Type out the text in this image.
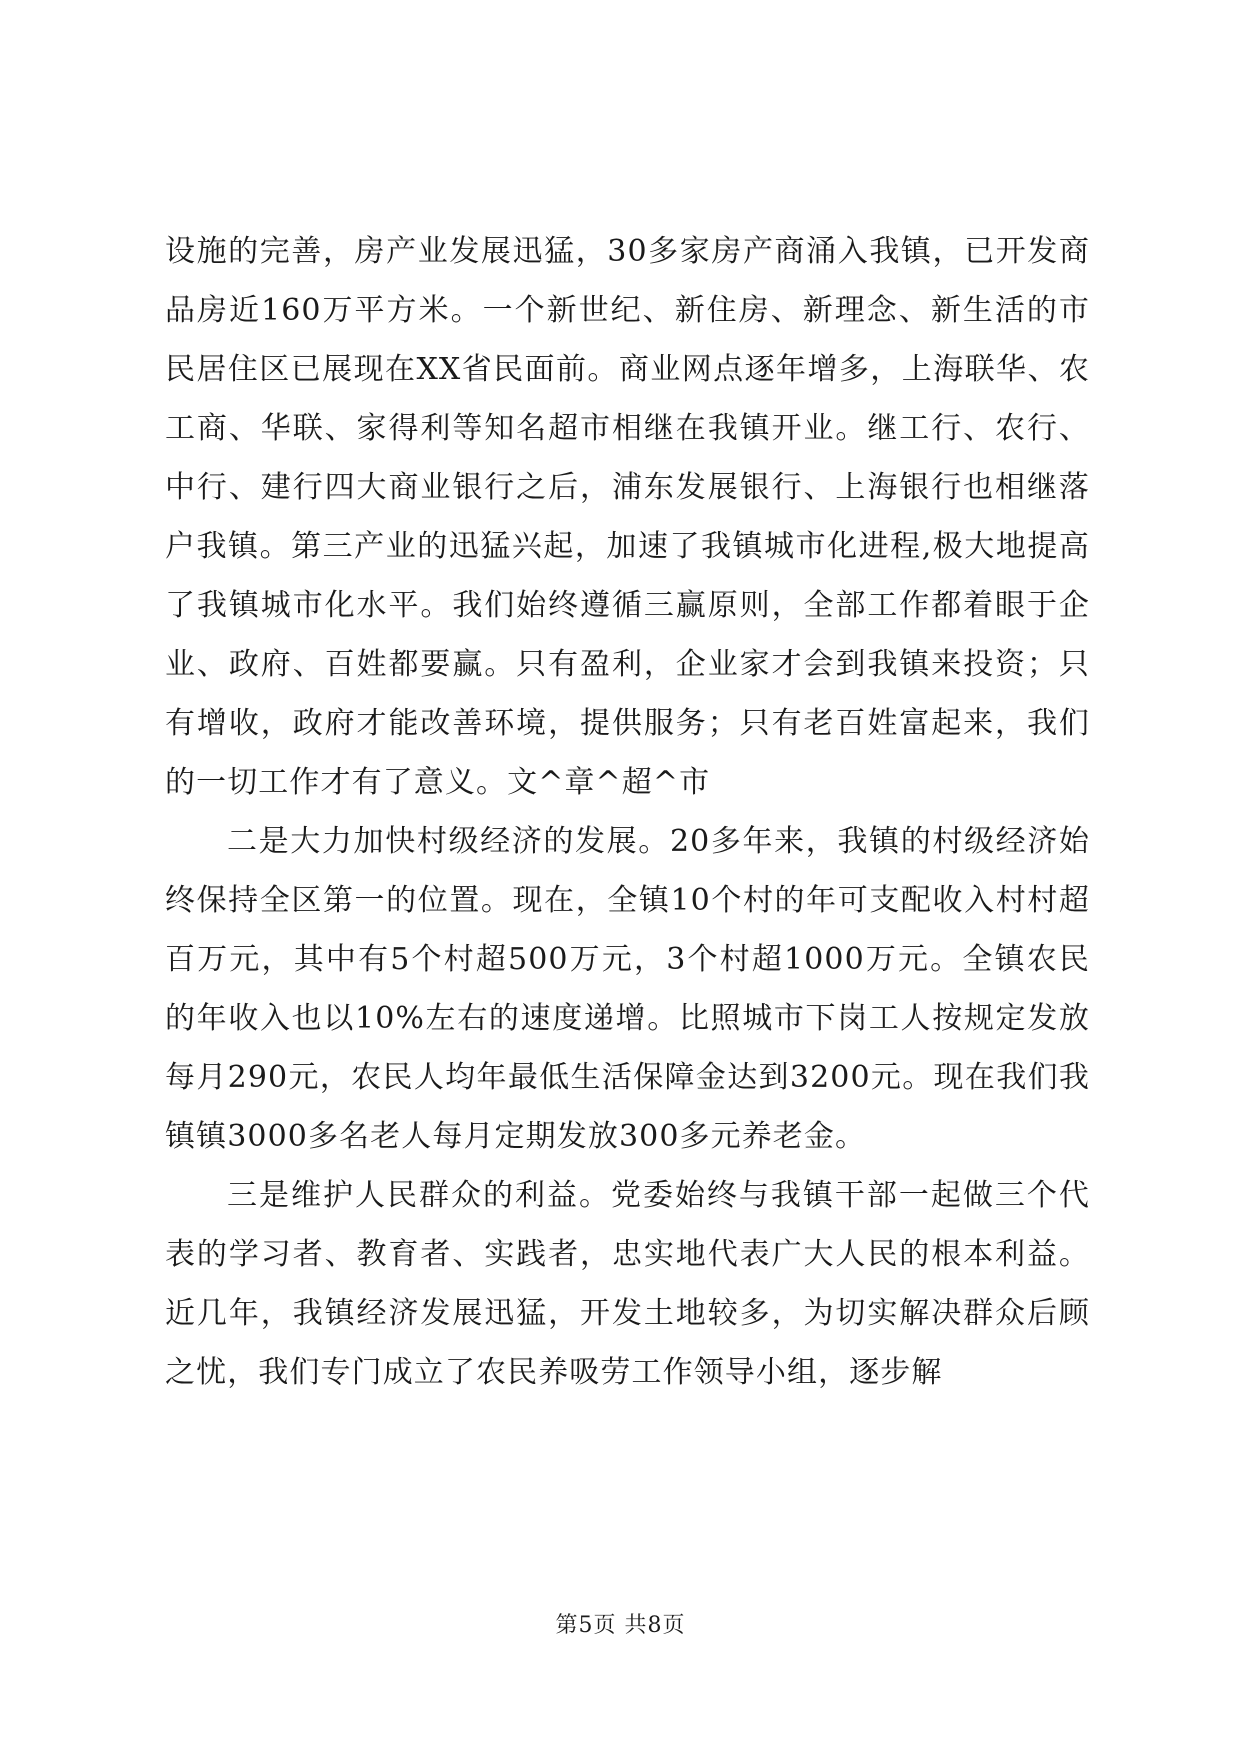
设施的完善，房产业发展迅猛，30多家房产商涌入我镇，已开发商品房近160万平方米。一个新世纪、新住房、新理念、新生活的市民居住区已展现在XX省民面前。商业网点逐年增多，上海联华、农工商、华联、家得利等知名超市相继在我镇开业。继工行、农行、中行、建行四大商业银行之后，浦东发展银行、上海银行也相继落户我镇。第三产业的迅猛兴起，加速了我镇城市化进程,极大地提高了我镇城市化水平。我们始终遵循三赢原则，全部工作都着眼于企业、政府、百姓都要赢。只有盈利，企业家才会到我镇来投资；只有增收，政府才能改善环境，提供服务；只有老百姓富起来，我们的一切工作才有了意义。文^章^超^市

二是大力加快村级经济的发展。20多年来，我镇的村级经济始终保持全区第一的位置。现在，全镇10个村的年可支配收入村村超百万元，其中有5个村超500万元，3个村超1000万元。全镇农民的年收入也以10%左右的速度递增。比照城市下岗工人按规定发放每月290元，农民人均年最低生活保障金达到3200元。现在我们我镇镇3000多名老人每月定期发放300多元养老金。

三是维护人民群众的利益。党委始终与我镇干部一起做三个代表的学习者、教育者、实践者，忠实地代表广大人民的根本利益。近几年，我镇经济发展迅猛，开发土地较多，为切实解决群众后顾之忧，我们专门成立了农民养吸劳工作领导小组，逐步解

第5页 共8页
